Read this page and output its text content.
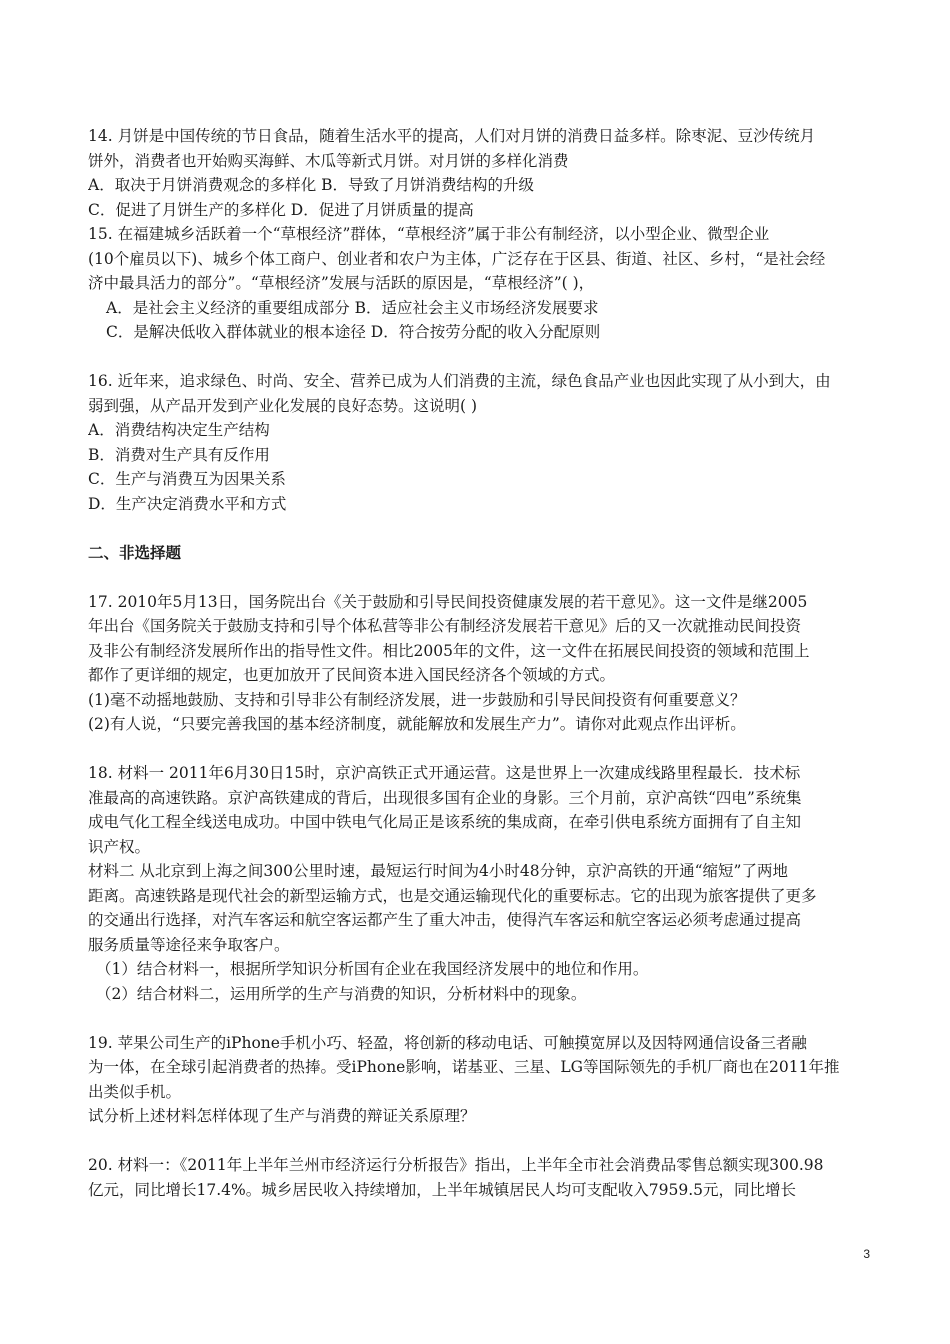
14. 月饼是中国传统的节日食品，随着生活水平的提高，人们对月饼的消费日益多样。除枣泥、豆沙传统月
饼外，消费者也开始购买海鲜、木瓜等新式月饼。对月饼的多样化消费
A．取决于月饼消费观念的多样化 B．导致了月饼消费结构的升级
C．促进了月饼生产的多样化 D．促进了月饼质量的提高
15. 在福建城乡活跃着一个“草根经济”群体，“草根经济”属于非公有制经济，以小型企业、微型企业
(10个雇员以下)、城乡个体工商户、创业者和农户为主体，广泛存在于区县、街道、社区、乡村，“是社会经
济中最具活力的部分”。“草根经济”发展与活跃的原因是，“草根经济”( )，
A．是社会主义经济的重要组成部分 B．适应社会主义市场经济发展要求
C．是解决低收入群体就业的根本途径 D．符合按劳分配的收入分配原则
16. 近年来，追求绿色、时尚、安全、营养已成为人们消费的主流，绿色食品产业也因此实现了从小到大，由
弱到强，从产品开发到产业化发展的良好态势。这说明( )
A．消费结构决定生产结构
B．消费对生产具有反作用
C．生产与消费互为因果关系
D．生产决定消费水平和方式
二、非选择题
17. 2010年5月13日，国务院出台《关于鼓励和引导民间投资健康发展的若干意见》。这一文件是继2005
年出台《国务院关于鼓励支持和引导个体私营等非公有制经济发展若干意见》后的又一次就推动民间投资
及非公有制经济发展所作出的指导性文件。相比2005年的文件，这一文件在拓展民间投资的领域和范围上
都作了更详细的规定，也更加放开了民间资本进入国民经济各个领域的方式。
(1)毫不动摇地鼓励、支持和引导非公有制经济发展，进一步鼓励和引导民间投资有何重要意义？
(2)有人说，“只要完善我国的基本经济制度，就能解放和发展生产力”。请你对此观点作出评析。
18. 材料一 2011年6月30日15时，京沪高铁正式开通运营。这是世界上一次建成线路里程最长．技术标
准最高的高速铁路。京沪高铁建成的背后，出现很多国有企业的身影。三个月前，京沪高铁“四电”系统集
成电气化工程全线送电成功。中国中铁电气化局正是该系统的集成商，在牵引供电系统方面拥有了自主知
识产权。
材料二 从北京到上海之间300公里时速，最短运行时间为4小时48分钟，京沪高铁的开通“缩短”了两地
距离。高速铁路是现代社会的新型运输方式，也是交通运输现代化的重要标志。它的出现为旅客提供了更多
的交通出行选择，对汽车客运和航空客运都产生了重大冲击，使得汽车客运和航空客运必须考虑通过提高
服务质量等途径来争取客户。
（1）结合材料一，根据所学知识分析国有企业在我国经济发展中的地位和作用。
（2）结合材料二，运用所学的生产与消费的知识，分析材料中的现象。
19. 苹果公司生产的iPhone手机小巧、轻盈，将创新的移动电话、可触摸宽屏以及因特网通信设备三者融
为一体，在全球引起消费者的热捧。受iPhone影响，诺基亚、三星、LG等国际领先的手机厂商也在2011年推
出类似手机。
试分析上述材料怎样体现了生产与消费的辩证关系原理？
20. 材料一：《2011年上半年兰州市经济运行分析报告》指出，上半年全市社会消费品零售总额实现300.98
亿元，同比增长17.4%。城乡居民收入持续增加，上半年城镇居民人均可支配收入7959.5元，同比增长
3
